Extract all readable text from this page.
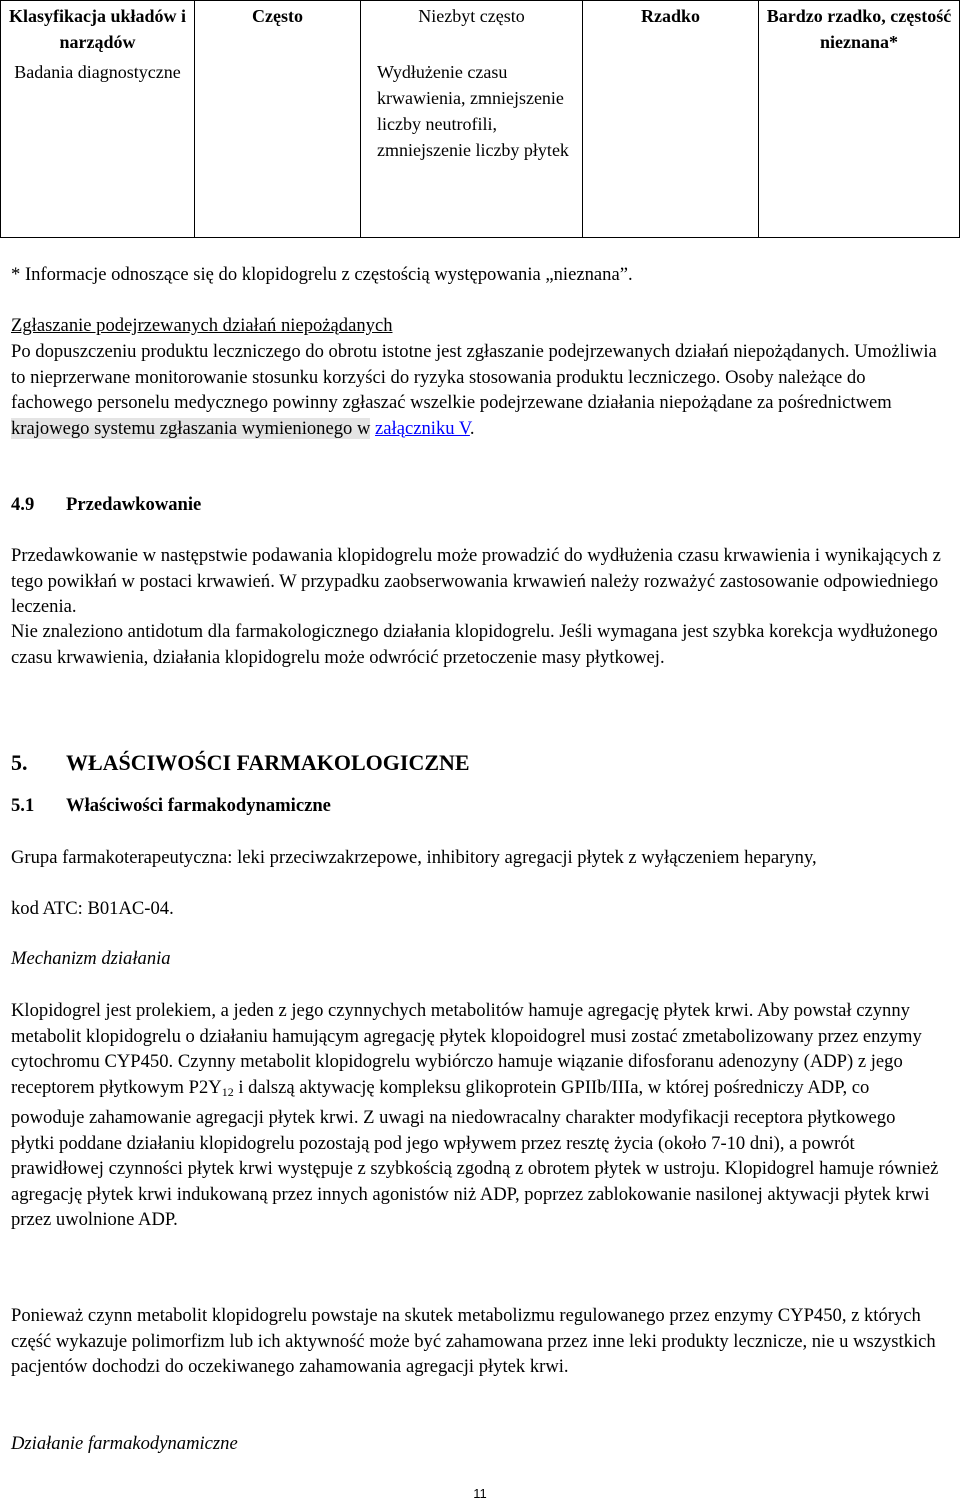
Klasyfikacja układów i narządów	Często	Niezbyt często	Rzadko	Bardzo rzadko, częstość nieznana*
Badania diagnostyczne		Wydłużenie czasu krwawienia, zmniejszenie liczby neutrofili, zmniejszenie liczby płytek		
* Informacje odnoszące się do klopidogrelu z częstością występowania „nieznana”.
Zgłaszanie podejrzewanych działań niepożądanych
Po dopuszczeniu produktu leczniczego do obrotu istotne jest zgłaszanie podejrzewanych działań niepożądanych. Umożliwia to nieprzerwane monitorowanie stosunku korzyści do ryzyka stosowania produktu leczniczego. Osoby należące do fachowego personelu medycznego powinny zgłaszać wszelkie podejrzewane działania niepożądane za pośrednictwem krajowego systemu zgłaszania wymienionego w załączniku V.
4.9 Przedawkowanie
Przedawkowanie w następstwie podawania klopidogrelu może prowadzić do wydłużenia czasu krwawienia i wynikających z tego powikłań w postaci krwawień. W przypadku zaobserwowania krwawień należy rozważyć zastosowanie odpowiedniego leczenia.
Nie znaleziono antidotum dla farmakologicznego działania klopidogrelu. Jeśli wymagana jest szybka korekcja wydłużonego czasu krwawienia, działania klopidogrelu może odwrócić przetoczenie masy płytkowej.
5. WŁAŚCIWOŚCI FARMAKOLOGICZNE
5.1 Właściwości farmakodynamiczne
Grupa farmakoterapeutyczna: leki przeciwzakrzepowe, inhibitory agregacji płytek z wyłączeniem heparyny,
kod ATC: B01AC-04.
Mechanizm działania
Klopidogrel jest prolekiem, a jeden z jego czynnychych metabolitów hamuje agregację płytek krwi. Aby powstał czynny metabolit klopidogrelu o działaniu hamującym agregację płytek klopoidogrel musi zostać zmetabolizowany przez enzymy cytochromu CYP450. Czynny metabolit klopidogrelu wybiórczo hamuje wiązanie difosforanu adenozyny (ADP) z jego receptorem płytkowym $P2Y_{12}$ i dalszą aktywację kompleksu glikoprotein GPIIb/IIIa, w której pośredniczy ADP, co powoduje zahamowanie agregacji płytek krwi. Z uwagi na niedowracalny charakter modyfikacji receptora płytkowego płytki poddane działaniu klopidogrelu pozostają pod jego wpływem przez resztę życia (około 7-10 dni), a powrót prawidłowej czynności płytek krwi występuje z szybkością zgodną z obrotem płytek w ustroju. Klopidogrel hamuje również agregację płytek krwi indukowaną przez innych agonistów niż ADP, poprzez zablokowanie nasilonej aktywacji płytek krwi przez uwolnione ADP.
Ponieważ czynn metabolit klopidogrelu powstaje na skutek metabolizmu regulowanego przez enzymy CYP450, z których część wykazuje polimorfizm lub ich aktywność może być zahamowana przez inne leki produkty lecznicze, nie u wszystkich pacjentów dochodzi do oczekiwanego zahamowania agregacji płytek krwi.
Działanie farmakodynamiczne
11
